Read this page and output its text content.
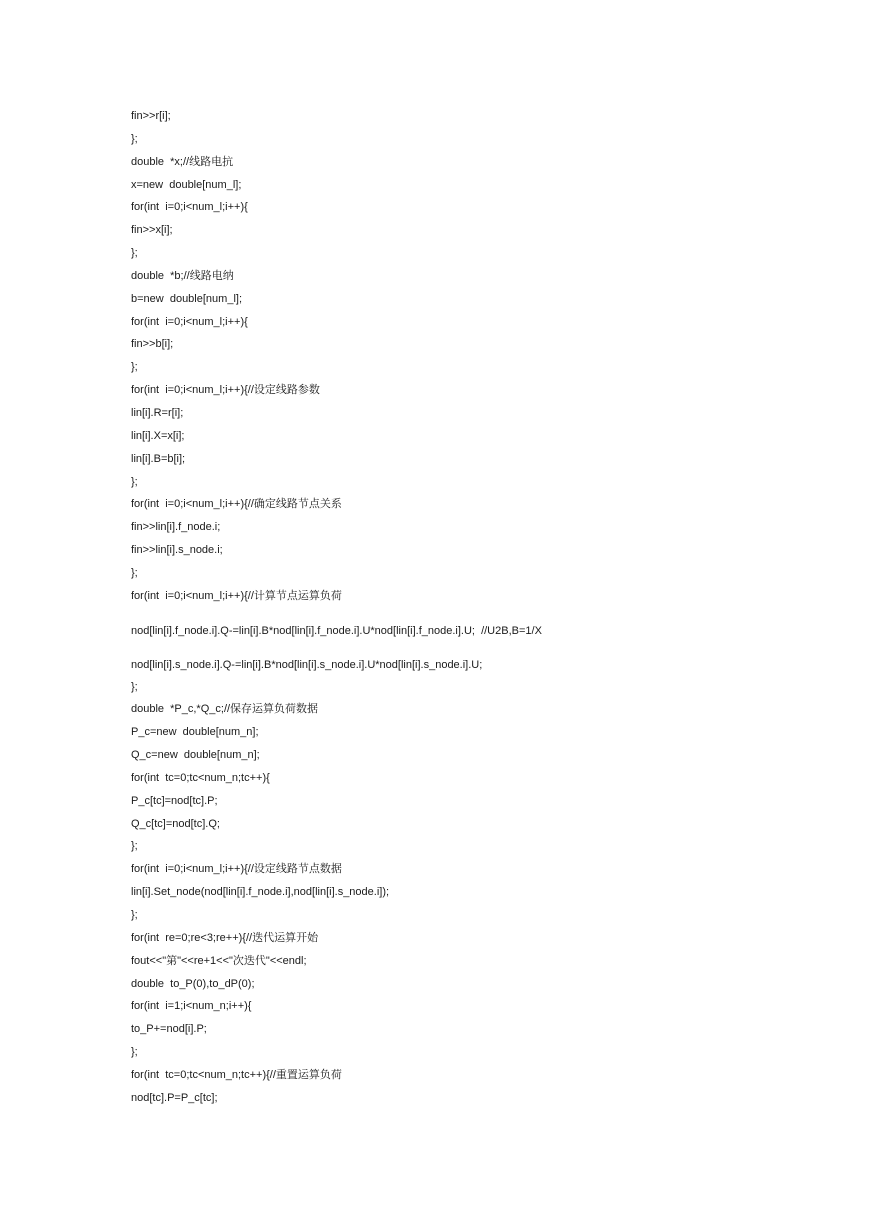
fin>>r[i];
};
double  *x;//线路电抗
x=new  double[num_l];
for(int  i=0;i<num_l;i++){
fin>>x[i];
};
double  *b;//线路电纳
b=new  double[num_l];
for(int  i=0;i<num_l;i++){
fin>>b[i];
};
for(int  i=0;i<num_l;i++){//设定线路参数
lin[i].R=r[i];
lin[i].X=x[i];
lin[i].B=b[i];
};
for(int  i=0;i<num_l;i++){//确定线路节点关系
fin>>lin[i].f_node.i;
fin>>lin[i].s_node.i;
};
for(int  i=0;i<num_l;i++){//计算节点运算负荷
nod[lin[i].f_node.i].Q-=lin[i].B*nod[lin[i].f_node.i].U*nod[lin[i].f_node.i].U;  //U2B,B=1/X
nod[lin[i].s_node.i].Q-=lin[i].B*nod[lin[i].s_node.i].U*nod[lin[i].s_node.i].U;
};
double  *P_c,*Q_c;//保存运算负荷数据
P_c=new  double[num_n];
Q_c=new  double[num_n];
for(int  tc=0;tc<num_n;tc++){
P_c[tc]=nod[tc].P;
Q_c[tc]=nod[tc].Q;
};
for(int  i=0;i<num_l;i++){//设定线路节点数据
lin[i].Set_node(nod[lin[i].f_node.i],nod[lin[i].s_node.i]);
};
for(int  re=0;re<3;re++){//迭代运算开始
fout<<"第"<<re+1<<"次迭代"<<endl;
double  to_P(0),to_dP(0);
for(int  i=1;i<num_n;i++){
to_P+=nod[i].P;
};
for(int  tc=0;tc<num_n;tc++){//重置运算负荷
nod[tc].P=P_c[tc];
